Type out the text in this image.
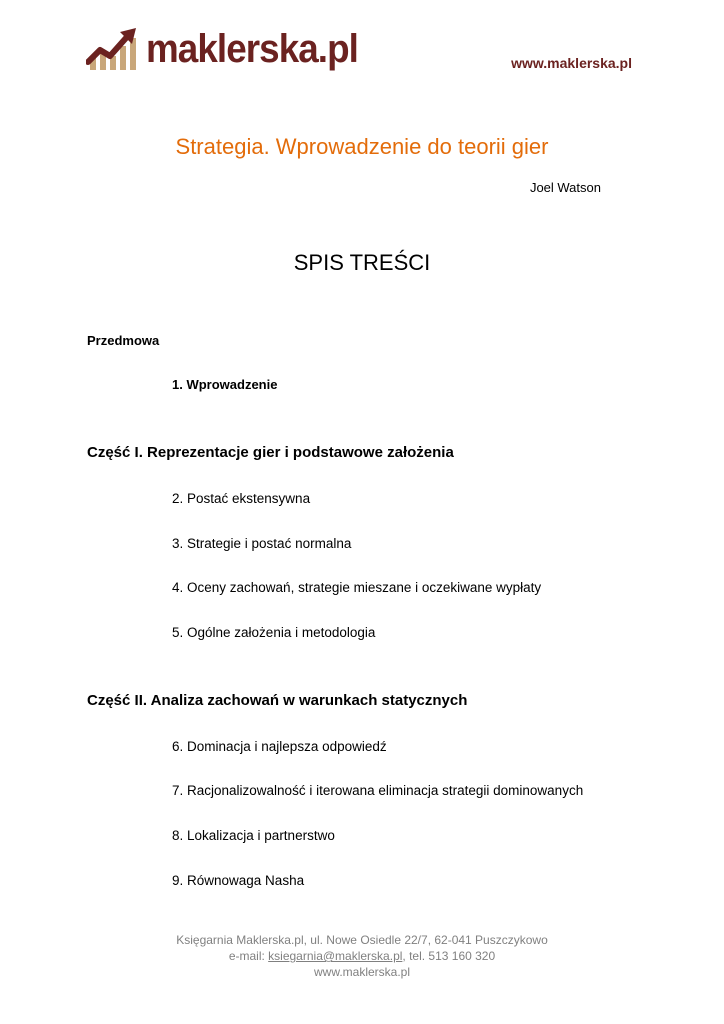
maklerska.pl	www.maklerska.pl
Strategia. Wprowadzenie do teorii gier
Joel Watson
SPIS TREŚCI
Przedmowa
1. Wprowadzenie
Część I. Reprezentacje gier i podstawowe założenia
2. Postać ekstensywna
3. Strategie i postać normalna
4. Oceny zachowań, strategie mieszane i oczekiwane wypłaty
5. Ogólne założenia i metodologia
Część II. Analiza zachowań w warunkach statycznych
6. Dominacja i najlepsza odpowiedź
7. Racjonalizowalność i iterowana eliminacja strategii dominowanych
8. Lokalizacja i partnerstwo
9. Równowaga Nasha
Księgarnia Maklerska.pl, ul. Nowe Osiedle 22/7, 62-041 Puszczykowo
e-mail: ksiegarnia@maklerska.pl, tel. 513 160 320
www.maklerska.pl
